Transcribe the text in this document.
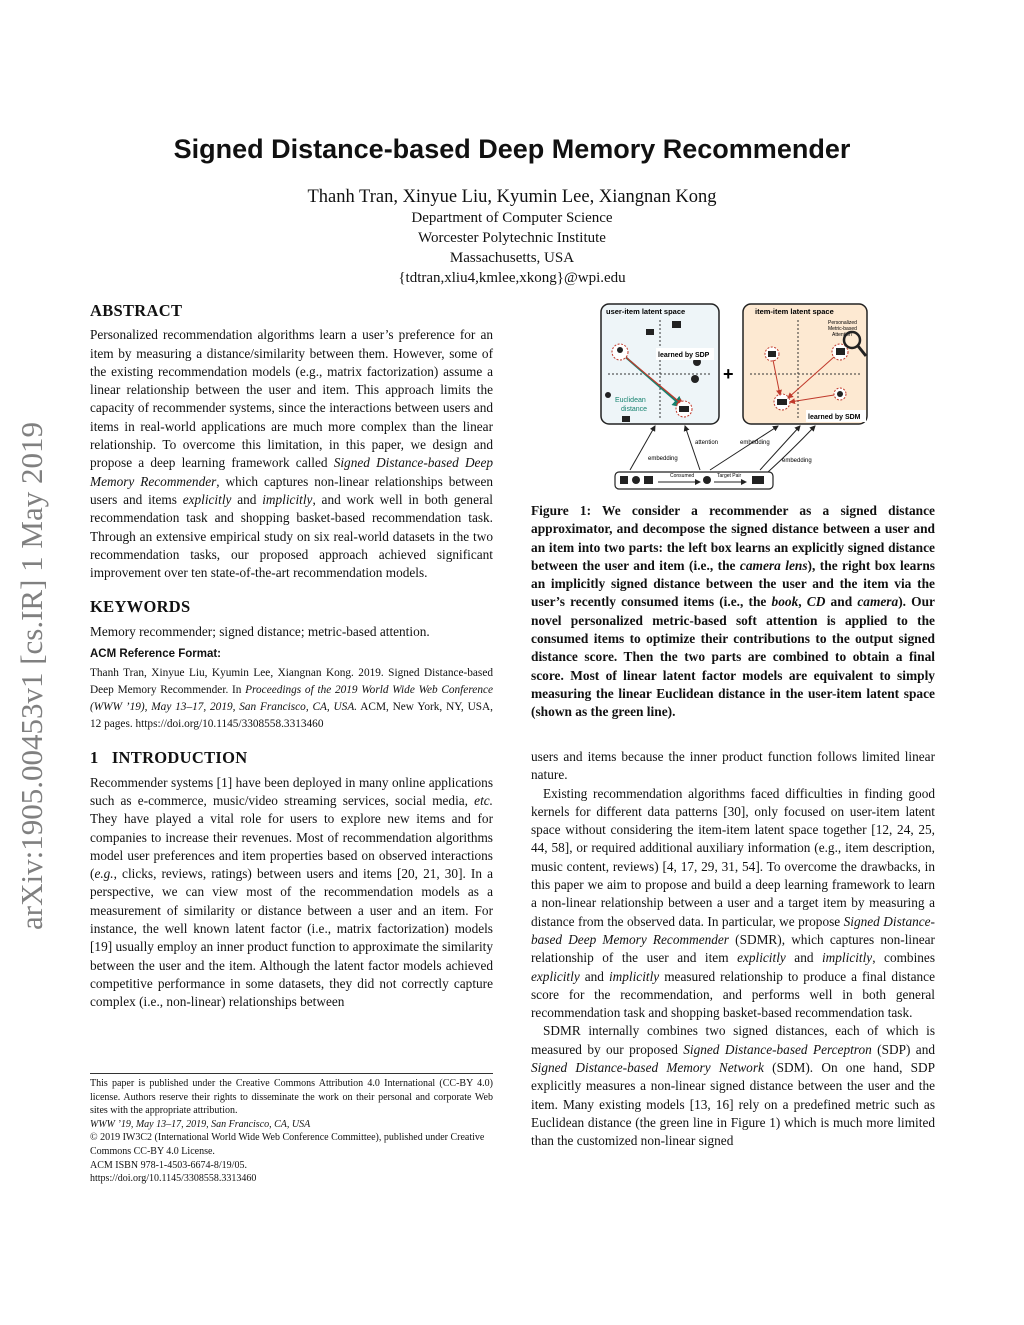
arXiv:1905.00453v1 [cs.IR] 1 May 2019
Signed Distance-based Deep Memory Recommender
Thanh Tran, Xinyue Liu, Kyumin Lee, Xiangnan Kong
Department of Computer Science
Worcester Polytechnic Institute
Massachusetts, USA
{tdtran,xliu4,kmlee,xkong}@wpi.edu
ABSTRACT

Personalized recommendation algorithms learn a user’s preference for an item by measuring a distance/similarity between them. However, some of the existing recommendation models (e.g., matrix factorization) assume a linear relationship between the user and item. This approach limits the capacity of recommender systems, since the interactions between users and items in real-world applications are much more complex than the linear relationship. To overcome this limitation, in this paper, we design and propose a deep learning framework called Signed Distance-based Deep Memory Recommender, which captures non-linear relationships between users and items explicitly and implicitly, and work well in both general recommendation task and shopping basket-based recommendation task. Through an extensive empirical study on six real-world datasets in the two recommendation tasks, our proposed approach achieved significant improvement over ten state-of-the-art recommendation models.

KEYWORDS

Memory recommender; signed distance; metric-based attention.

ACM Reference Format:

Thanh Tran, Xinyue Liu, Kyumin Lee, Xiangnan Kong. 2019. Signed Distance-based Deep Memory Recommender. In Proceedings of the 2019 World Wide Web Conference (WWW ’19), May 13–17, 2019, San Francisco, CA, USA. ACM, New York, NY, USA, 12 pages. https://doi.org/10.1145/3308558.3313460

1   INTRODUCTION

Recommender systems [1] have been deployed in many online applications such as e-commerce, music/video streaming services, social media, etc. They have played a vital role for users to explore new items and for companies to increase their revenues. Most of recommendation algorithms model user preferences and item properties based on observed interactions (e.g., clicks, reviews, ratings) between users and items [20, 21, 30]. In a perspective, we can view most of the recommendation models as a measurement of similarity or distance between a user and an item. For instance, the well known latent factor (i.e., matrix factorization) models [19] usually employ an inner product function to approximate the similarity between the user and the item. Although the latent factor models achieved competitive performance in some datasets, they did not correctly capture complex (i.e., non-linear) relationships between

This paper is published under the Creative Commons Attribution 4.0 International (CC-BY 4.0) license. Authors reserve their rights to disseminate the work on their personal and corporate Web sites with the appropriate attribution.

WWW ’19, May 13–17, 2019, San Francisco, CA, USA

© 2019 IW3C2 (International World Wide Web Conference Committee), published under Creative Commons CC-BY 4.0 License.

ACM ISBN 978-1-4503-6674-8/19/05.

https://doi.org/10.1145/3308558.3313460

user-item latent space
learned by SDP
Euclidean
distance
+
item-item latent space
Personalized
Metric-based
Attention
learned by SDM
Consumed	Target Pair
embedding
attention	embedding
embedding

Figure 1: We consider a recommender as a signed distance approximator, and decompose the signed distance between a user and an item into two parts: the left box learns an explicitly signed distance between the user and item (i.e., the camera lens), the right box learns an implicitly signed distance between the user and the item via the user’s recently consumed items (i.e., the book, CD and camera). Our novel personalized metric-based soft attention is applied to the consumed items to optimize their contributions to the output signed distance score. Then the two parts are combined to obtain a final score. Most of linear latent factor models are equivalent to simply measuring the linear Euclidean distance in the user-item latent space (shown as the green line).

users and items because the inner product function follows limited linear nature.

Existing recommendation algorithms faced difficulties in finding good kernels for different data patterns [30], only focused on user-item latent space without considering the item-item latent space together [12, 24, 25, 44, 58], or required additional auxiliary information (e.g., item description, music content, reviews) [4, 17, 29, 31, 54]. To overcome the drawbacks, in this paper we aim to propose and build a deep learning framework to learn a non-linear relationship between a user and a target item by measuring a distance from the observed data. In particular, we propose Signed Distance-based Deep Memory Recommender (SDMR), which captures non-linear relationship of the user and item explicitly and implicitly, combines explicitly and implicitly measured relationship to produce a final distance score for the recommendation, and performs well in both general recommendation task and shopping basket-based recommendation task.

SDMR internally combines two signed distances, each of which is measured by our proposed Signed Distance-based Perceptron (SDP) and Signed Distance-based Memory Network (SDM). On one hand, SDP explicitly measures a non-linear signed distance between the user and the item. Many existing models [13, 16] rely on a predefined metric such as Euclidean distance (the green line in Figure 1) which is much more limited than the customized non-linear signed
